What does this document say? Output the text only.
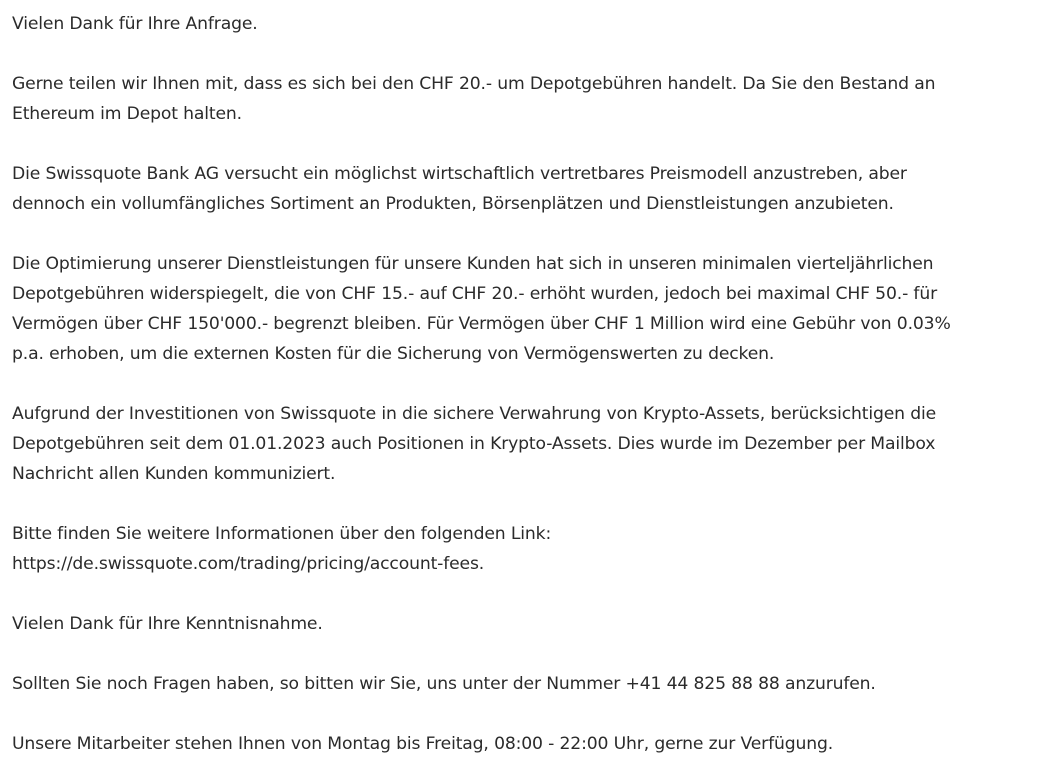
Vielen Dank für Ihre Anfrage.

Gerne teilen wir Ihnen mit, dass es sich bei den CHF 20.- um Depotgebühren handelt. Da Sie den Bestand an
Ethereum im Depot halten.

Die Swissquote Bank AG versucht ein möglichst wirtschaftlich vertretbares Preismodell anzustreben, aber
dennoch ein vollumfängliches Sortiment an Produkten, Börsenplätzen und Dienstleistungen anzubieten.

Die Optimierung unserer Dienstleistungen für unsere Kunden hat sich in unseren minimalen vierteljährlichen
Depotgebühren widerspiegelt, die von CHF 15.- auf CHF 20.- erhöht wurden, jedoch bei maximal CHF 50.- für
Vermögen über CHF 150'000.- begrenzt bleiben. Für Vermögen über CHF 1 Million wird eine Gebühr von 0.03%
p.a. erhoben, um die externen Kosten für die Sicherung von Vermögenswerten zu decken.

Aufgrund der Investitionen von Swissquote in die sichere Verwahrung von Krypto-Assets, berücksichtigen die
Depotgebühren seit dem 01.01.2023 auch Positionen in Krypto-Assets. Dies wurde im Dezember per Mailbox
Nachricht allen Kunden kommuniziert.

Bitte finden Sie weitere Informationen über den folgenden Link:
https://de.swissquote.com/trading/pricing/account-fees.

Vielen Dank für Ihre Kenntnisnahme.

Sollten Sie noch Fragen haben, so bitten wir Sie, uns unter der Nummer +41 44 825 88 88 anzurufen.

Unsere Mitarbeiter stehen Ihnen von Montag bis Freitag, 08:00 - 22:00 Uhr, gerne zur Verfügung.
